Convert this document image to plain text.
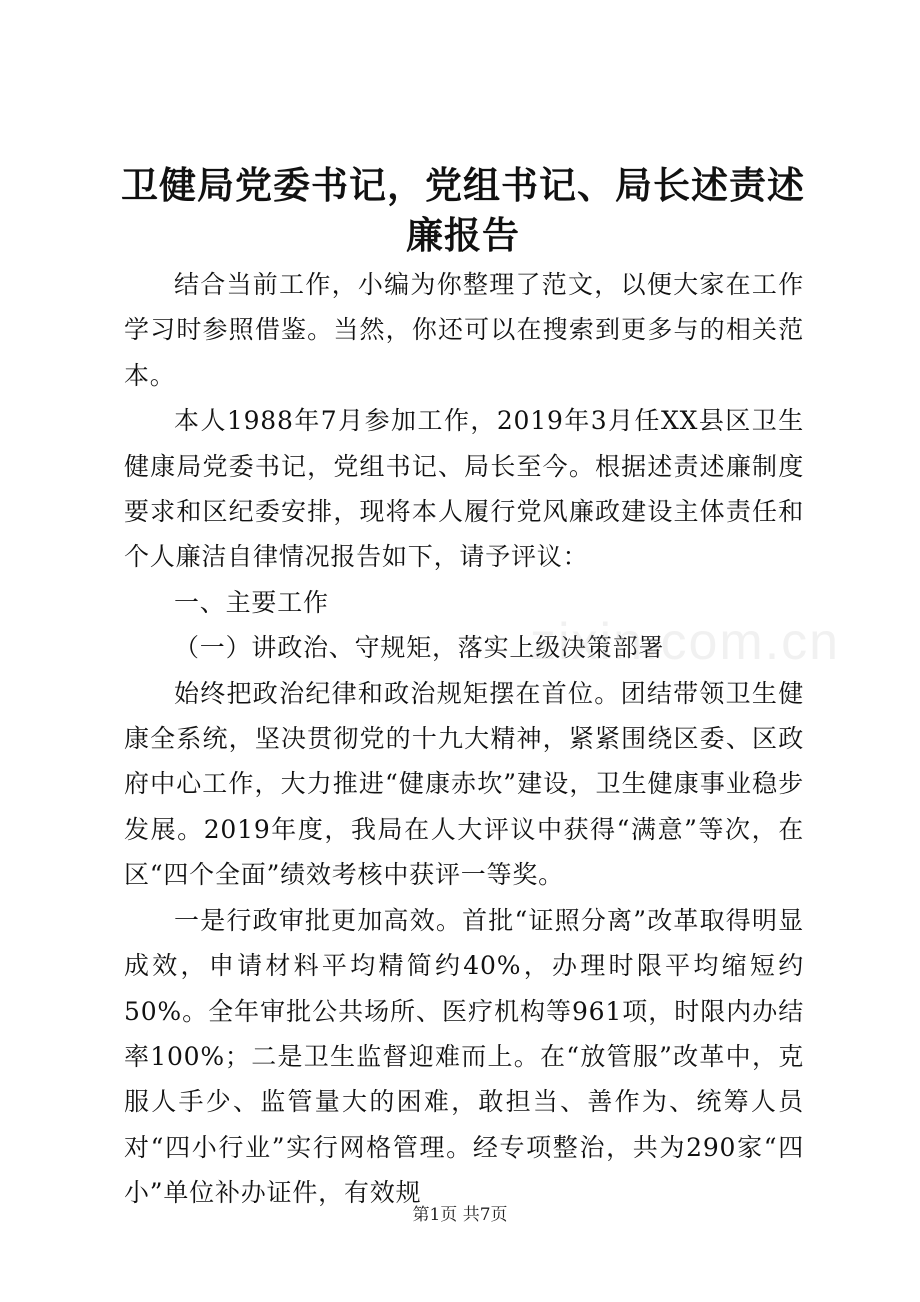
卫健局党委书记，党组书记、局长述责述廉报告

结合当前工作，小编为你整理了范文，以便大家在工作学习时参照借鉴。当然，你还可以在搜索到更多与的相关范本。

本人1988年7月参加工作，2019年3月任XX县区卫生健康局党委书记，党组书记、局长至今。根据述责述廉制度要求和区纪委安排，现将本人履行党风廉政建设主体责任和个人廉洁自律情况报告如下，请予评议：

一、主要工作

（一）讲政治、守规矩，落实上级决策部署

始终把政治纪律和政治规矩摆在首位。团结带领卫生健康全系统，坚决贯彻党的十九大精神，紧紧围绕区委、区政府中心工作，大力推进“健康赤坎”建设，卫生健康事业稳步发展。2019年度，我局在人大评议中获得“满意”等次，在区“四个全面”绩效考核中获评一等奖。

一是行政审批更加高效。首批“证照分离”改革取得明显成效，申请材料平均精简约40%，办理时限平均缩短约50%。全年审批公共场所、医疗机构等961项，时限内办结率100%；二是卫生监督迎难而上。在“放管服”改革中，克服人手少、监管量大的困难，敢担当、善作为、统筹人员对“四小行业”实行网格管理。经专项整治，共为290家“四小”单位补办证件，有效规

zixin.com.cn
第1页 共7页
